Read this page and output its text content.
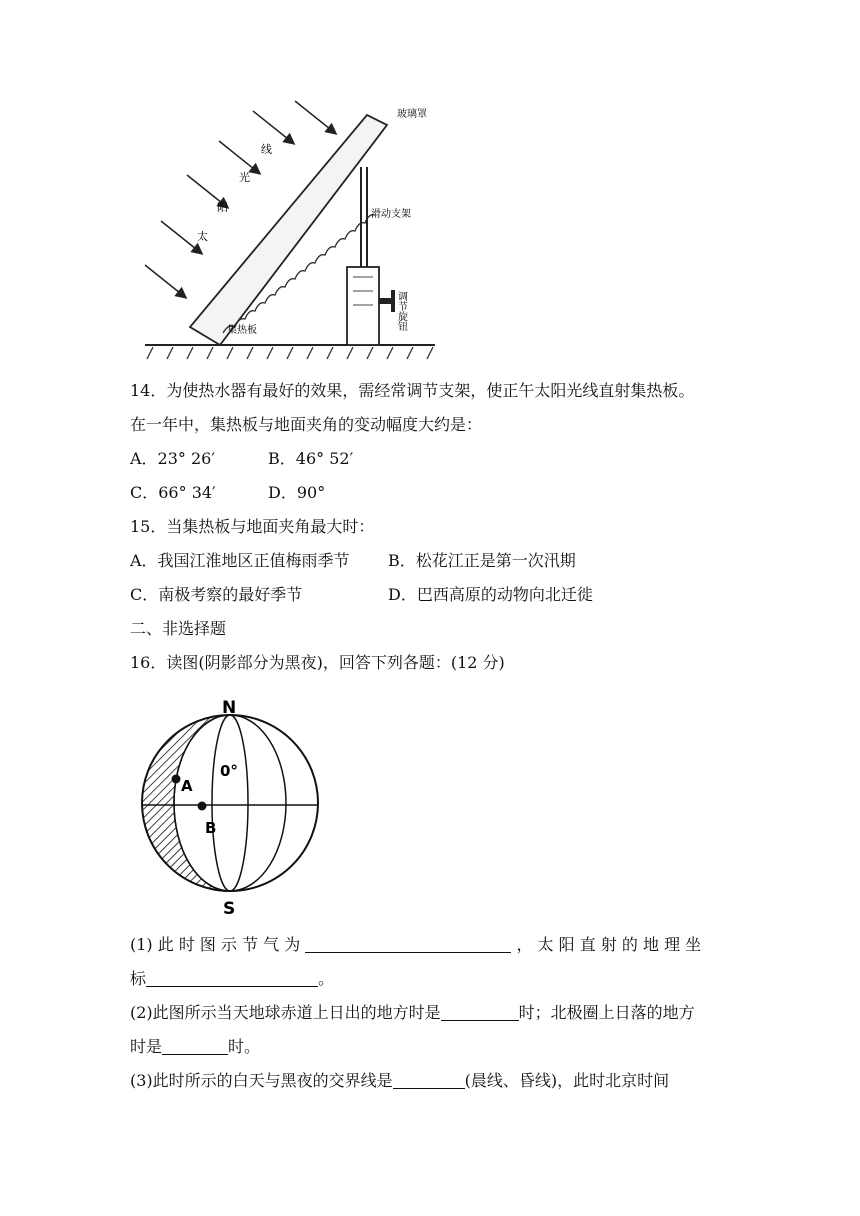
太
阳
光
线
集热板
滑动支架
玻璃罩
调节旋钮
14．为使热水器有最好的效果，需经常调节支架，使正午太阳光线直射集热板。
在一年中，集热板与地面夹角的变动幅度大约是：
A．23° 26′	B．46° 52′
C．66° 34′	D．90°
15．当集热板与地面夹角最大时：
A．我国江淮地区正值梅雨季节 B．松花江正是第一次汛期
C．南极考察的最好季节	D．巴西高原的动物向北迁徙
二、非选择题
16．读图(阴影部分为黑夜)，回答下列各题：(12 分)
N
S
0°
A
B
(1) 此 时 图 示 节 气 为	， 太 阳 直 射 的 地 理 坐
标	。
(2)此图所示当天地球赤道上日出的地方时是	时；北极圈上日落的地方
时是	时。
(3)此时所示的白天与黑夜的交界线是	(晨线、昏线)，此时北京时间
